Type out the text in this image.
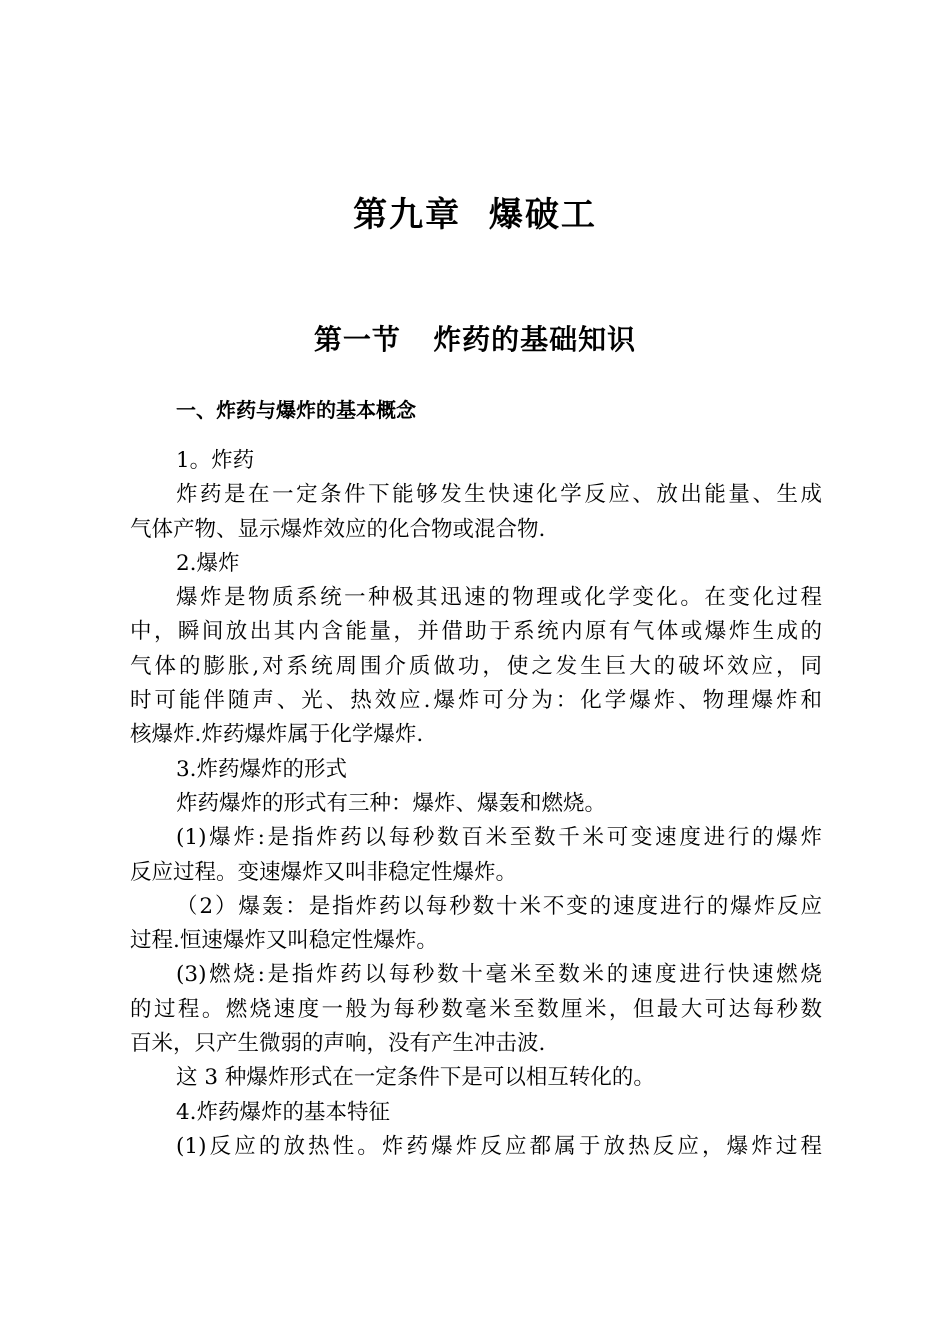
第九章  爆破工
第一节   炸药的基础知识
一、炸药与爆炸的基本概念
1。炸药
炸药是在一定条件下能够发生快速化学反应、放出能量、生成
气体产物、显示爆炸效应的化合物或混合物.
2.爆炸
爆炸是物质系统一种极其迅速的物理或化学变化。在变化过程
中，瞬间放出其内含能量，并借助于系统内原有气体或爆炸生成的
气体的膨胀,对系统周围介质做功，使之发生巨大的破坏效应，同
时可能伴随声、光、热效应.爆炸可分为：化学爆炸、物理爆炸和
核爆炸.炸药爆炸属于化学爆炸.
3.炸药爆炸的形式
炸药爆炸的形式有三种：爆炸、爆轰和燃烧。
(1)爆炸:是指炸药以每秒数百米至数千米可变速度进行的爆炸
反应过程。变速爆炸又叫非稳定性爆炸。
（2）爆轰：是指炸药以每秒数十米不变的速度进行的爆炸反应
过程.恒速爆炸又叫稳定性爆炸。
(3)燃烧:是指炸药以每秒数十毫米至数米的速度进行快速燃烧
的过程。燃烧速度一般为每秒数毫米至数厘米，但最大可达每秒数
百米，只产生微弱的声响，没有产生冲击波.
这 3 种爆炸形式在一定条件下是可以相互转化的。
4.炸药爆炸的基本特征
(1)反应的放热性。炸药爆炸反应都属于放热反应，爆炸过程
